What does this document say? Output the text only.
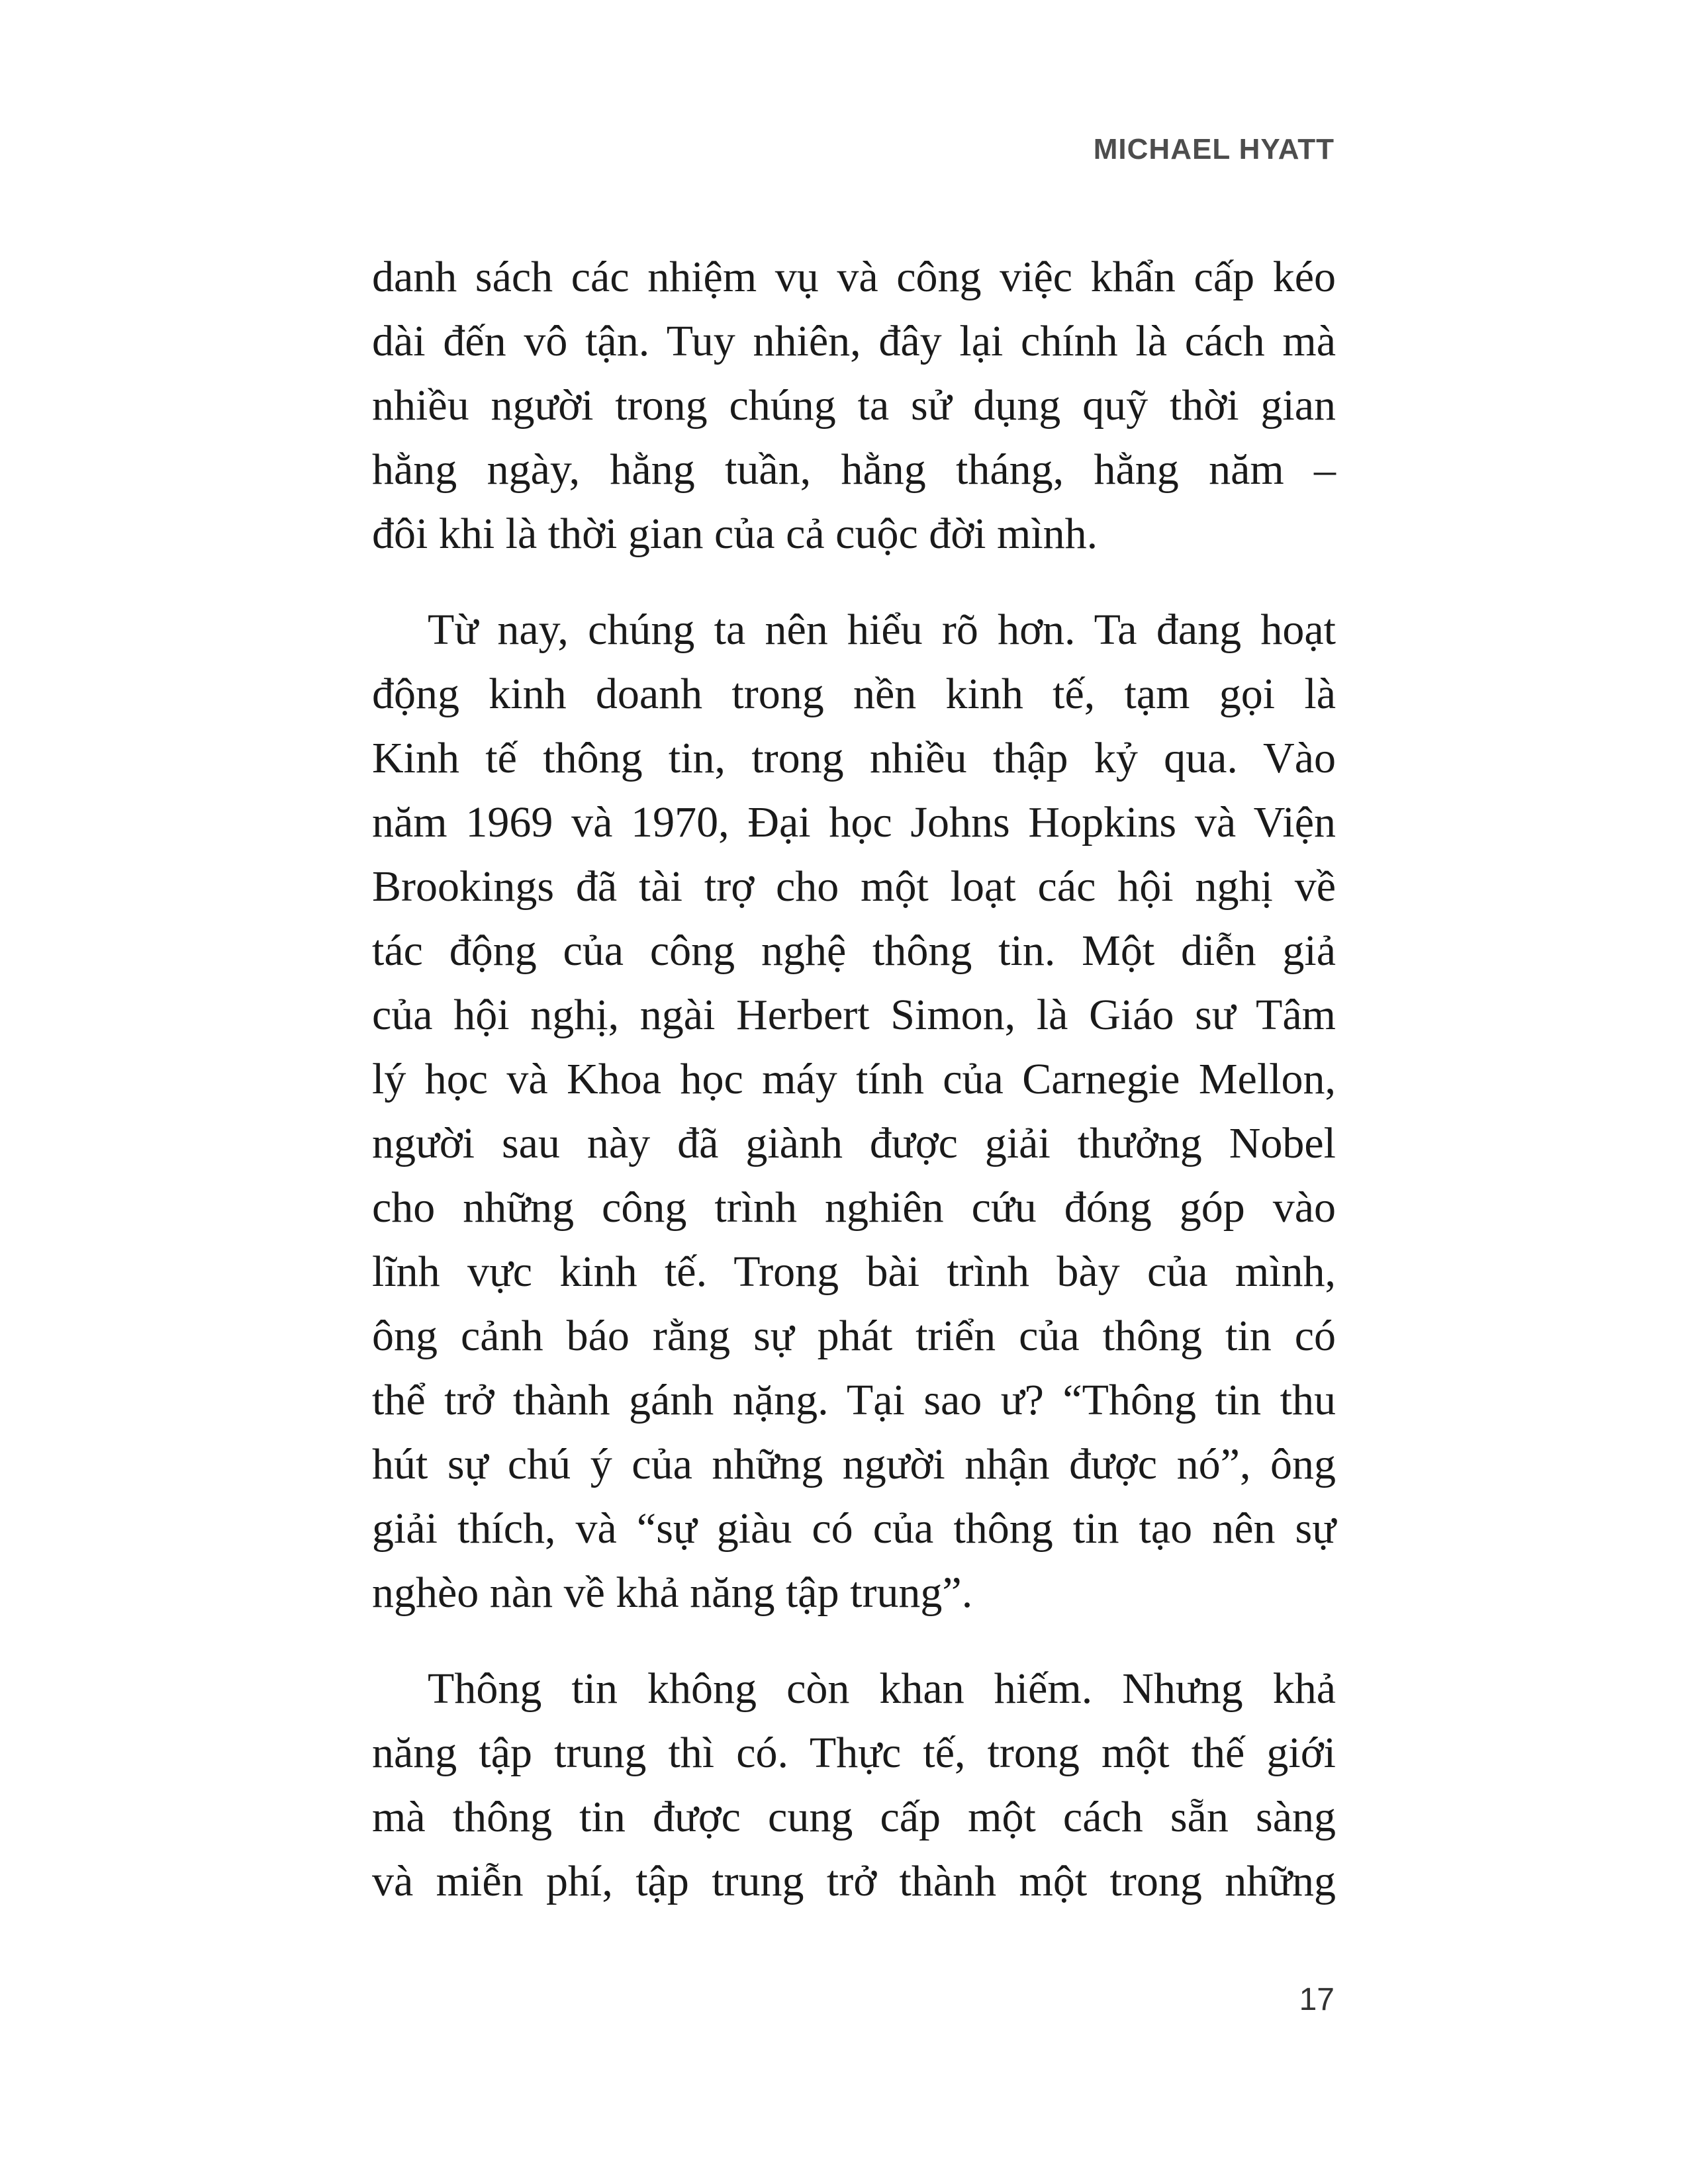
MICHAEL HYATT

danh sách các nhiệm vụ và công việc khẩn cấp kéo
dài đến vô tận. Tuy nhiên, đây lại chính là cách mà
nhiều người trong chúng ta sử dụng quỹ thời gian
hằng ngày, hằng tuần, hằng tháng, hằng năm –
đôi khi là thời gian của cả cuộc đời mình.

Từ nay, chúng ta nên hiểu rõ hơn. Ta đang hoạt
động kinh doanh trong nền kinh tế, tạm gọi là
Kinh tế thông tin, trong nhiều thập kỷ qua. Vào
năm 1969 và 1970, Đại học Johns Hopkins và Viện
Brookings đã tài trợ cho một loạt các hội nghị về
tác động của công nghệ thông tin. Một diễn giả
của hội nghị, ngài Herbert Simon, là Giáo sư Tâm
lý học và Khoa học máy tính của Carnegie Mellon,
người sau này đã giành được giải thưởng Nobel
cho những công trình nghiên cứu đóng góp vào
lĩnh vực kinh tế. Trong bài trình bày của mình,
ông cảnh báo rằng sự phát triển của thông tin có
thể trở thành gánh nặng. Tại sao ư? “Thông tin thu
hút sự chú ý của những người nhận được nó”, ông
giải thích, và “sự giàu có của thông tin tạo nên sự
nghèo nàn về khả năng tập trung”.

Thông tin không còn khan hiếm. Nhưng khả
năng tập trung thì có. Thực tế, trong một thế giới
mà thông tin được cung cấp một cách sẵn sàng
và miễn phí, tập trung trở thành một trong những

17
